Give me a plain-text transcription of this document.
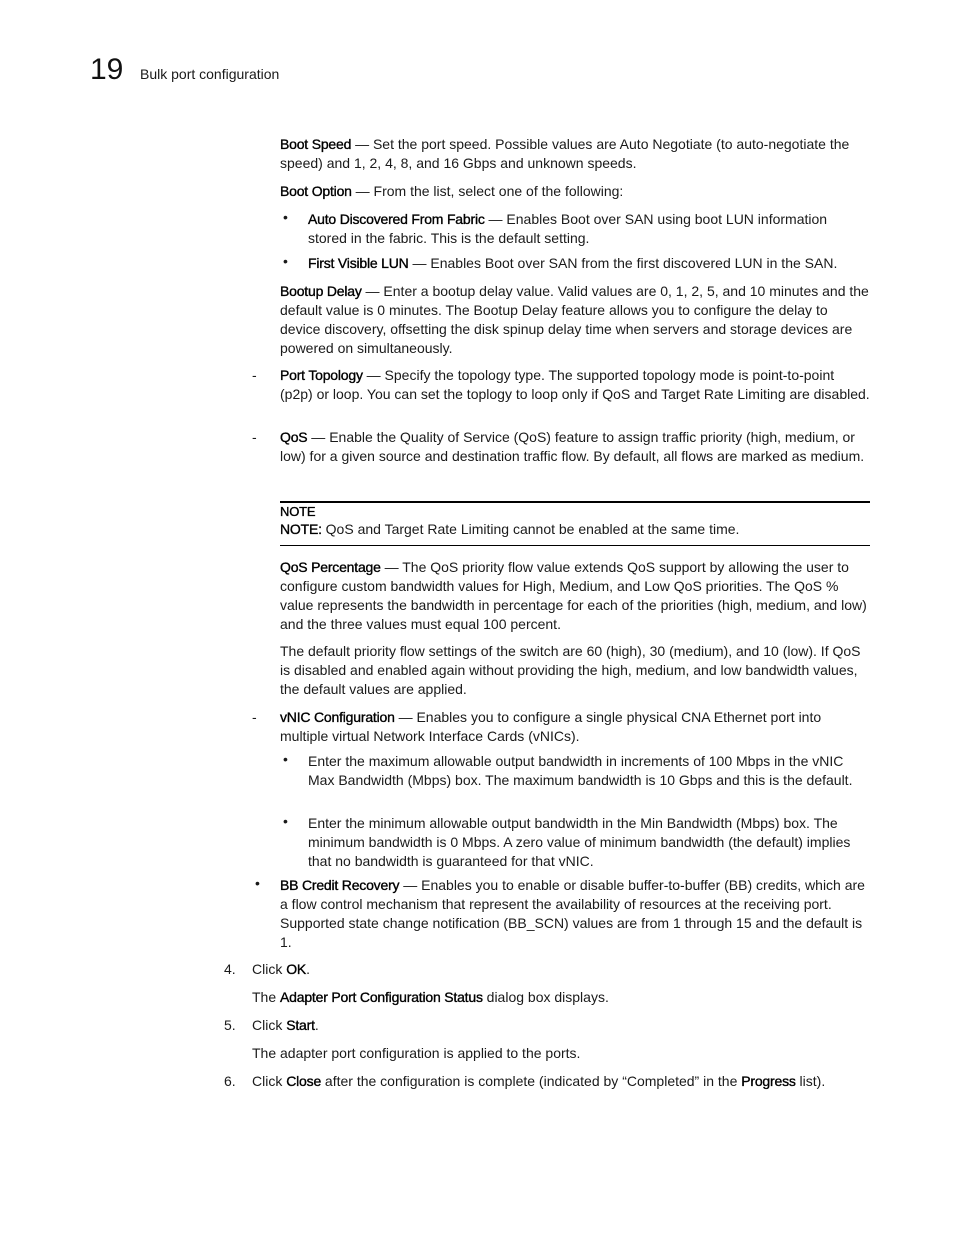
19 Bulk port configuration

Boot Speed — Set the port speed. Possible values are Auto Negotiate (to auto-negotiate the speed) and 1, 2, 4, 8, and 16 Gbps and unknown speeds.

Boot Option — From the list, select one of the following:

• Auto Discovered From Fabric — Enables Boot over SAN using boot LUN information stored in the fabric. This is the default setting.

• First Visible LUN — Enables Boot over SAN from the first discovered LUN in the SAN.

Bootup Delay — Enter a bootup delay value. Valid values are 0, 1, 2, 5, and 10 minutes and the default value is 0 minutes. The Bootup Delay feature allows you to configure the delay to device discovery, offsetting the disk spinup delay time when servers and storage devices are powered on simultaneously.

- Port Topology — Specify the topology type. The supported topology mode is point-to-point (p2p) or loop. You can set the toplogy to loop only if QoS and Target Rate Limiting are disabled.

- QoS — Enable the Quality of Service (QoS) feature to assign traffic priority (high, medium, or low) for a given source and destination traffic flow. By default, all flows are marked as medium.

NOTE

NOTE: QoS and Target Rate Limiting cannot be enabled at the same time.

QoS Percentage — The QoS priority flow value extends QoS support by allowing the user to configure custom bandwidth values for High, Medium, and Low QoS priorities. The QoS % value represents the bandwidth in percentage for each of the priorities (high, medium, and low) and the three values must equal 100 percent.

The default priority flow settings of the switch are 60 (high), 30 (medium), and 10 (low). If QoS is disabled and enabled again without providing the high, medium, and low bandwidth values, the default values are applied.

- vNIC Configuration — Enables you to configure a single physical CNA Ethernet port into multiple virtual Network Interface Cards (vNICs).

• Enter the maximum allowable output bandwidth in increments of 100 Mbps in the vNIC Max Bandwidth (Mbps) box. The maximum bandwidth is 10 Gbps and this is the default.

• Enter the minimum allowable output bandwidth in the Min Bandwidth (Mbps) box. The minimum bandwidth is 0 Mbps. A zero value of minimum bandwidth (the default) implies that no bandwidth is guaranteed for that vNIC.

• BB Credit Recovery — Enables you to enable or disable buffer-to-buffer (BB) credits, which are a flow control mechanism that represent the availability of resources at the receiving port. Supported state change notification (BB_SCN) values are from 1 through 15 and the default is 1.

4. Click OK.

The Adapter Port Configuration Status dialog box displays.

5. Click Start.

The adapter port configuration is applied to the ports.

6. Click Close after the configuration is complete (indicated by “Completed” in the Progress list).
